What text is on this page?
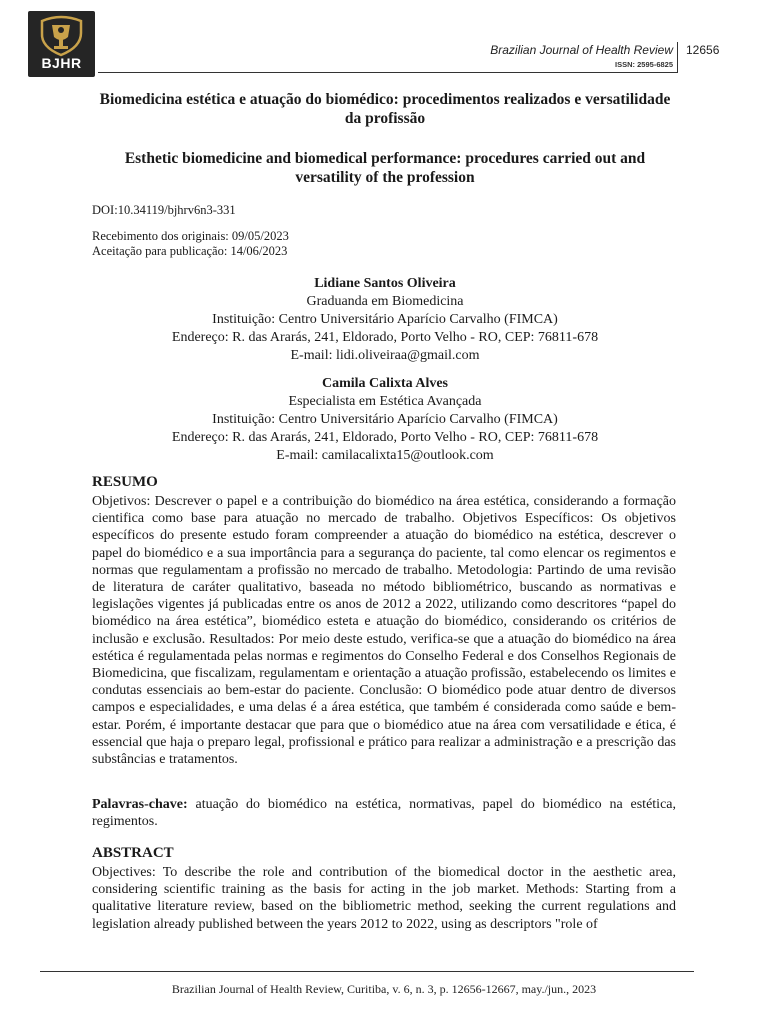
BJHR
Brazilian Journal of Health Review
ISSN: 2595-6825
12656
Biomedicina estética e atuação do biomédico: procedimentos realizados e versatilidade da profissão
Esthetic biomedicine and biomedical performance: procedures carried out and versatility of the profession

DOI:10.34119/bjhrv6n3-331

Recebimento dos originais: 09/05/2023

Aceitação para publicação: 14/06/2023

Lidiane Santos Oliveira
Graduanda em Biomedicina
Instituição: Centro Universitário Aparício Carvalho (FIMCA)
Endereço: R. das Ararás, 241, Eldorado, Porto Velho - RO, CEP: 76811-678
E-mail: lidi.oliveiraa@gmail.com
Camila Calixta Alves
Especialista em Estética Avançada
Instituição: Centro Universitário Aparício Carvalho (FIMCA)
Endereço: R. das Ararás, 241, Eldorado, Porto Velho - RO, CEP: 76811-678
E-mail: camilacalixta15@outlook.com
RESUMO

Objetivos: Descrever o papel e a contribuição do biomédico na área estética, considerando a formação cientifica como base para atuação no mercado de trabalho. Objetivos Específicos: Os objetivos específicos do presente estudo foram compreender a atuação do biomédico na estética, descrever o papel do biomédico e a sua importância para a segurança do paciente, tal como elencar os regimentos e normas que regulamentam a profissão no mercado de trabalho. Metodologia: Partindo de uma revisão de literatura de caráter qualitativo, baseada no método bibliométrico, buscando as normativas e legislações vigentes já publicadas entre os anos de 2012 a 2022, utilizando como descritores “papel do biomédico na área estética”, biomédico esteta e atuação do biomédico, considerando os critérios de inclusão e exclusão. Resultados: Por meio deste estudo, verifica-se que a atuação do biomédico na área estética é regulamentada pelas normas e regimentos do Conselho Federal e dos Conselhos Regionais de Biomedicina, que fiscalizam, regulamentam e orientação a atuação profissão, estabelecendo os limites e condutas essenciais ao bem-estar do paciente. Conclusão: O biomédico pode atuar dentro de diversos campos e especialidades, e uma delas é a área estética, que também é considerada como saúde e bem-estar. Porém, é importante destacar que para que o biomédico atue na área com versatilidade e ética, é essencial que haja o preparo legal, profissional e prático para realizar a administração e a prescrição das substâncias e tratamentos.

Palavras-chave: atuação do biomédico na estética, normativas, papel do biomédico na estética, regimentos.

ABSTRACT

Objectives: To describe the role and contribution of the biomedical doctor in the aesthetic area, considering scientific training as the basis for acting in the job market. Methods: Starting from a qualitative literature review, based on the bibliometric method, seeking the current regulations and legislation already published between the years 2012 to 2022, using as descriptors "role of

Brazilian Journal of Health Review, Curitiba, v. 6, n. 3, p. 12656-12667, may./jun., 2023
